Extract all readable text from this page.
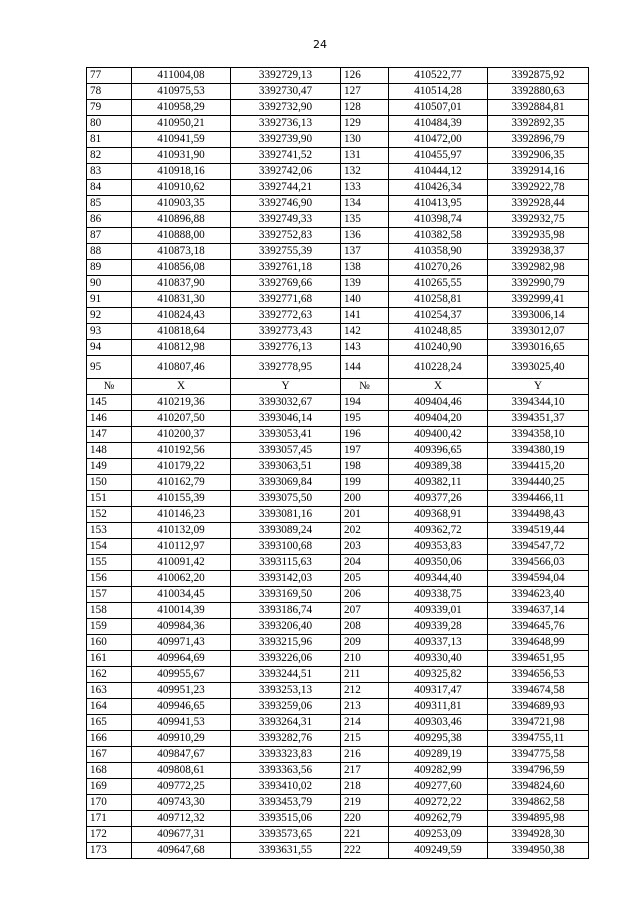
24
77	411004,08	3392729,13	126	410522,77	3392875,92
78	410975,53	3392730,47	127	410514,28	3392880,63
79	410958,29	3392732,90	128	410507,01	3392884,81
80	410950,21	3392736,13	129	410484,39	3392892,35
81	410941,59	3392739,90	130	410472,00	3392896,79
82	410931,90	3392741,52	131	410455,97	3392906,35
83	410918,16	3392742,06	132	410444,12	3392914,16
84	410910,62	3392744,21	133	410426,34	3392922,78
85	410903,35	3392746,90	134	410413,95	3392928,44
86	410896,88	3392749,33	135	410398,74	3392932,75
87	410888,00	3392752,83	136	410382,58	3392935,98
88	410873,18	3392755,39	137	410358,90	3392938,37
89	410856,08	3392761,18	138	410270,26	3392982,98
90	410837,90	3392769,66	139	410265,55	3392990,79
91	410831,30	3392771,68	140	410258,81	3392999,41
92	410824,43	3392772,63	141	410254,37	3393006,14
93	410818,64	3392773,43	142	410248,85	3393012,07
94	410812,98	3392776,13	143	410240,90	3393016,65
95	410807,46	3392778,95	144	410228,24	3393025,40
№	X	Y	№	X	Y
145	410219,36	3393032,67	194	409404,46	3394344,10
146	410207,50	3393046,14	195	409404,20	3394351,37
147	410200,37	3393053,41	196	409400,42	3394358,10
148	410192,56	3393057,45	197	409396,65	3394380,19
149	410179,22	3393063,51	198	409389,38	3394415,20
150	410162,79	3393069,84	199	409382,11	3394440,25
151	410155,39	3393075,50	200	409377,26	3394466,11
152	410146,23	3393081,16	201	409368,91	3394498,43
153	410132,09	3393089,24	202	409362,72	3394519,44
154	410112,97	3393100,68	203	409353,83	3394547,72
155	410091,42	3393115,63	204	409350,06	3394566,03
156	410062,20	3393142,03	205	409344,40	3394594,04
157	410034,45	3393169,50	206	409338,75	3394623,40
158	410014,39	3393186,74	207	409339,01	3394637,14
159	409984,36	3393206,40	208	409339,28	3394645,76
160	409971,43	3393215,96	209	409337,13	3394648,99
161	409964,69	3393226,06	210	409330,40	3394651,95
162	409955,67	3393244,51	211	409325,82	3394656,53
163	409951,23	3393253,13	212	409317,47	3394674,58
164	409946,65	3393259,06	213	409311,81	3394689,93
165	409941,53	3393264,31	214	409303,46	3394721,98
166	409910,29	3393282,76	215	409295,38	3394755,11
167	409847,67	3393323,83	216	409289,19	3394775,58
168	409808,61	3393363,56	217	409282,99	3394796,59
169	409772,25	3393410,02	218	409277,60	3394824,60
170	409743,30	3393453,79	219	409272,22	3394862,58
171	409712,32	3393515,06	220	409262,79	3394895,98
172	409677,31	3393573,65	221	409253,09	3394928,30
173	409647,68	3393631,55	222	409249,59	3394950,38
